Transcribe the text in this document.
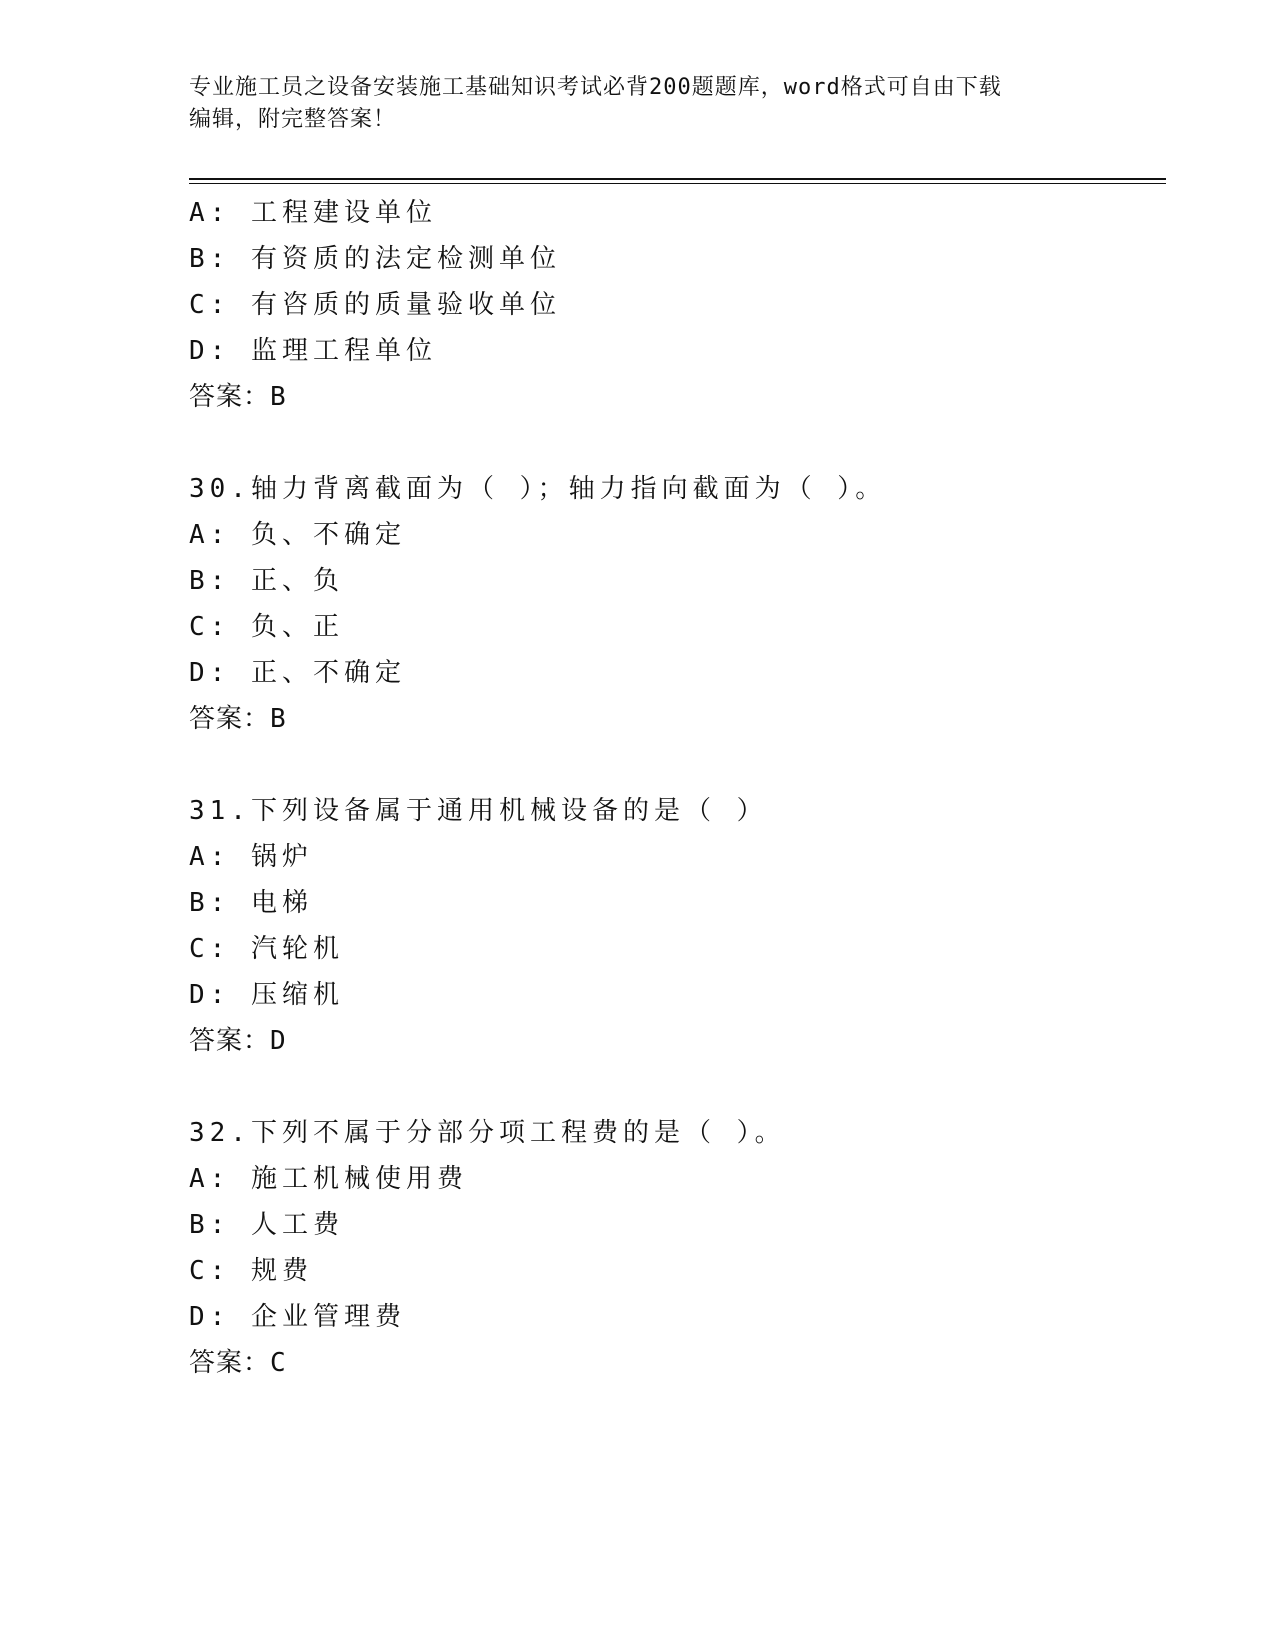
专业施工员之设备安装施工基础知识考试必背200题题库，word格式可自由下载
编辑，附完整答案！
A: 工程建设单位
B: 有资质的法定检测单位
C: 有咨质的质量验收单位
D: 监理工程单位
答案：B
30.轴力背离截面为（ ）；轴力指向截面为（ ）。
A: 负、不确定
B: 正、负
C: 负、正
D: 正、不确定
答案：B
31.下列设备属于通用机械设备的是（ ）
A: 锅炉
B: 电梯
C: 汽轮机
D: 压缩机
答案：D
32.下列不属于分部分项工程费的是（ ）。
A: 施工机械使用费
B: 人工费
C: 规费
D: 企业管理费
答案：C
